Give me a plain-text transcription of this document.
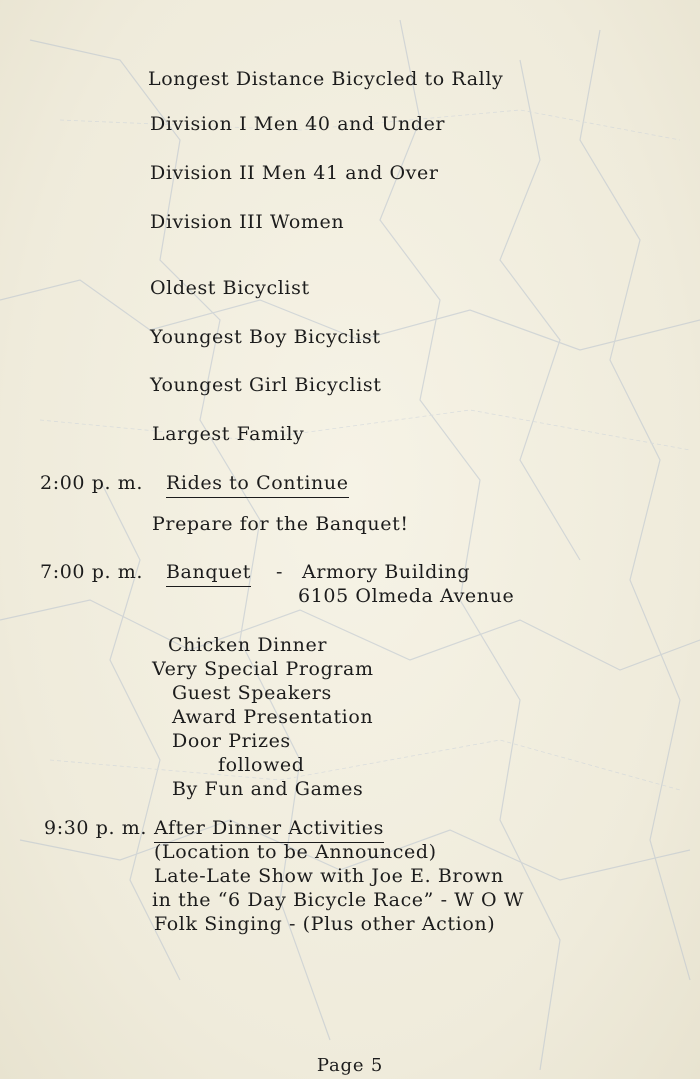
Longest Distance Bicycled to Rally
Division I Men 40 and Under
Division II Men 41 and Over
Division III Women
Oldest Bicyclist
Youngest Boy Bicyclist
Youngest Girl Bicyclist
Largest Family
2:00 p. m. Rides to Continue
Prepare for the Banquet!
7:00 p. m. Banquet - Armory Building
6105 Olmeda Avenue
Chicken Dinner
Very Special Program
Guest Speakers
Award Presentation
Door Prizes
followed
By Fun and Games
9:30 p. m. After Dinner Activities
(Location to be Announced)
Late-Late Show with Joe E. Brown
in the “6 Day Bicycle Race” - W O W
Folk Singing - (Plus other Action)
Page 5
